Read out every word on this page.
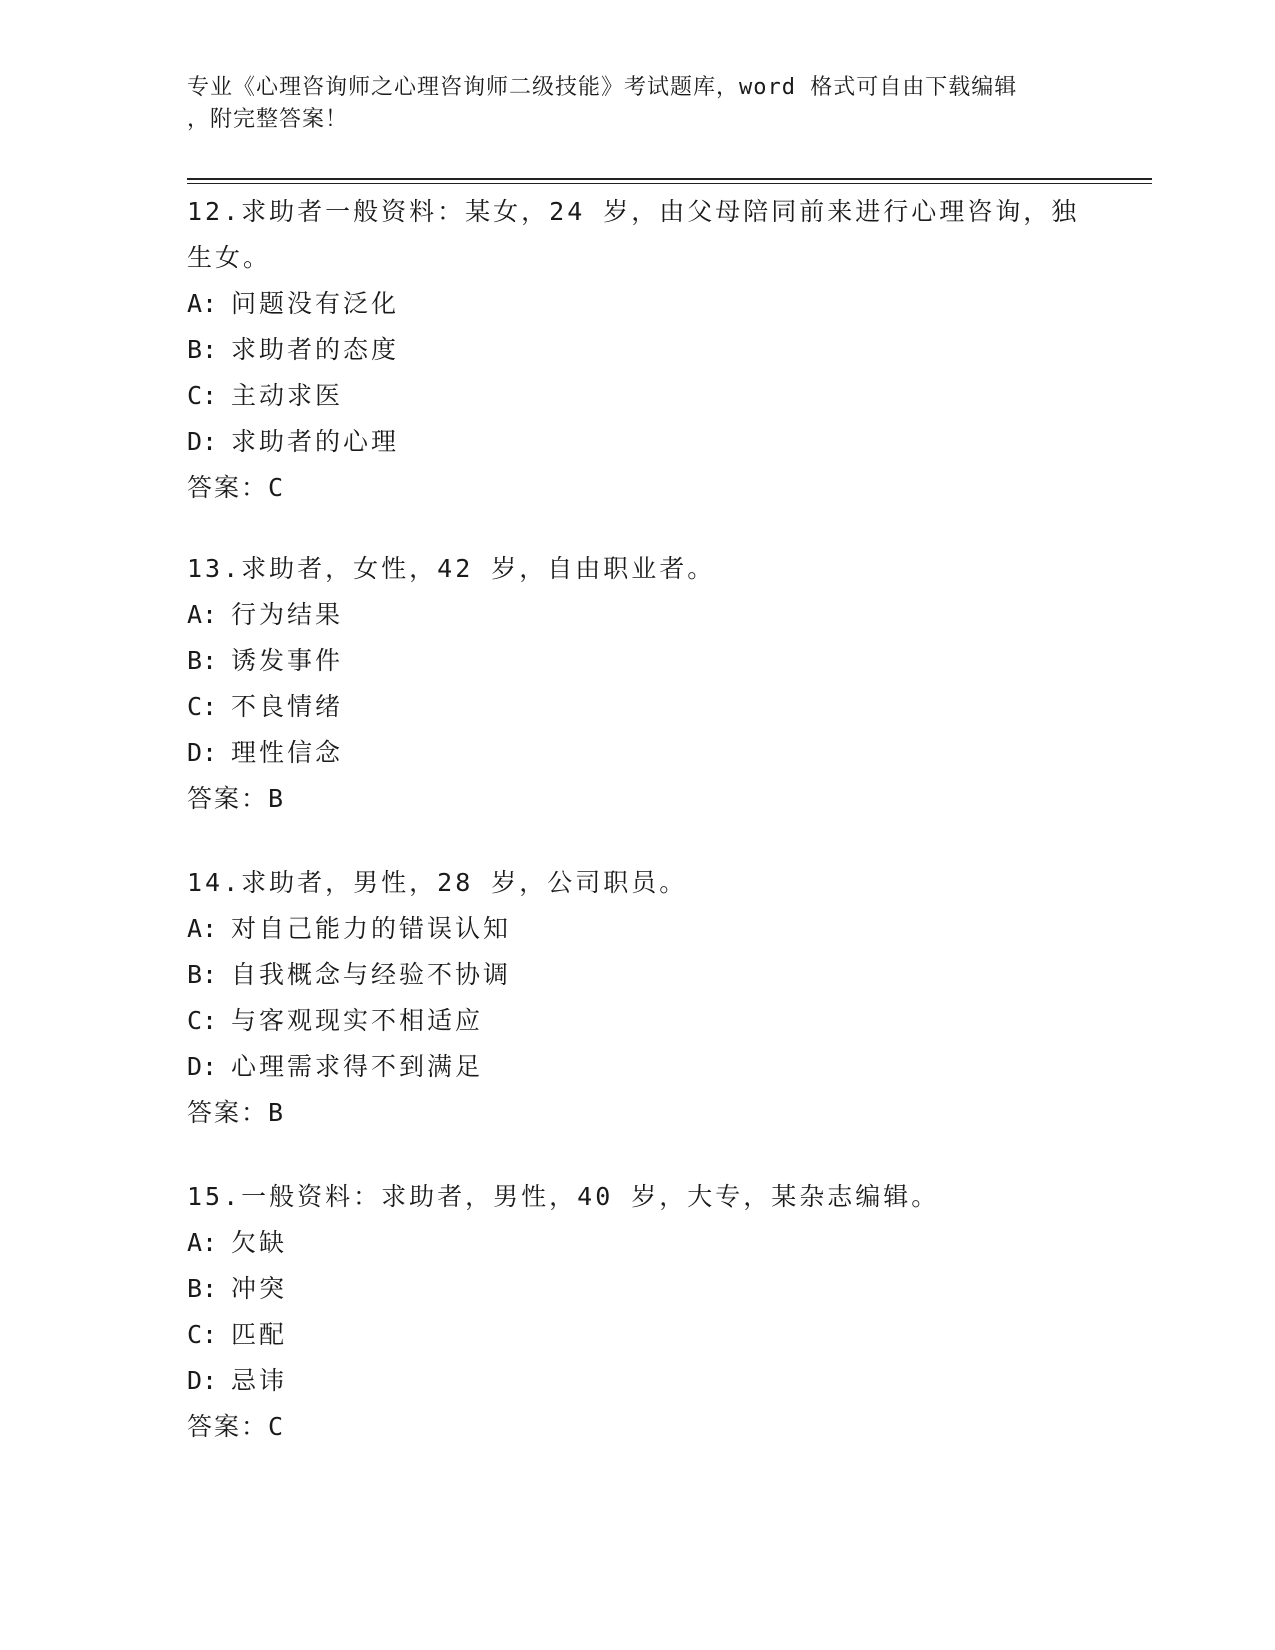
专业《心理咨询师之心理咨询师二级技能》考试题库，word 格式可自由下载编辑
，附完整答案！
12.求助者一般资料：某女，24 岁，由父母陪同前来进行心理咨询，独
生女。
A: 问题没有泛化
B: 求助者的态度
C: 主动求医
D: 求助者的心理
答案：C
13.求助者，女性，42 岁，自由职业者。
A: 行为结果
B: 诱发事件
C: 不良情绪
D: 理性信念
答案：B
14.求助者，男性，28 岁，公司职员。
A: 对自己能力的错误认知
B: 自我概念与经验不协调
C: 与客观现实不相适应
D: 心理需求得不到满足
答案：B
15.一般资料：求助者，男性，40 岁，大专，某杂志编辑。
A: 欠缺
B: 冲突
C: 匹配
D: 忌讳
答案：C
